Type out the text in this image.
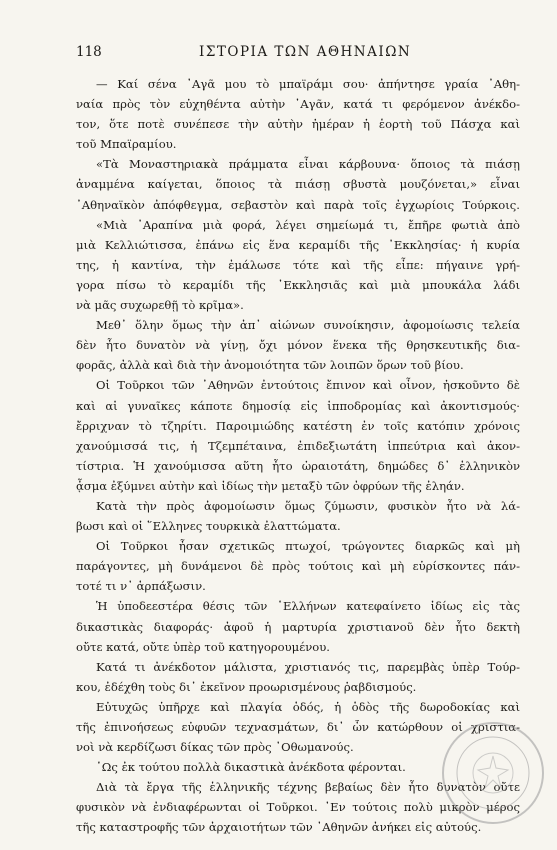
118	ΙΣΤΟΡΙΑ ΤΩΝ ΑΘΗΝΑΙΩΝ
— Καί σένα ᾿Αγᾶ μου τὸ μπαϊράμι σου· ἀπήντησε γραία ᾿Αθη-
ναία πρὸς τὸν εὐχηθέντα αὐτὴν ᾿Αγᾶν, κατά τι φερόμενον ἀνέκδο-
τον, ὅτε ποτὲ συνέπεσε τὴν αὐτὴν ἡμέραν ἡ ἑορτὴ τοῦ Πάσχα καὶ
τοῦ Μπαϊραμίου.
«Τὰ Μοναστηριακὰ πράμματα εἶναι κάρβουνα· ὅποιος τὰ πιάσῃ
ἀναμμένα καίγεται, ὅποιος τὰ πιάσῃ σβυστὰ μουζόνεται,» εἶναι
᾿Αθηναϊκὸν ἀπόφθεγμα, σεβαστὸν καὶ παρὰ τοῖς ἐγχωρίοις Τούρκοις.
«Μιὰ ᾿Αραπίνα μιὰ φορά, λέγει σημείωμά τι, ἔπῆρε φωτιὰ ἀπὸ
μιὰ Κελλιώτισσα, ἐπάνω εἰς ἕνα κεραμίδι τῆς ᾿Εκκλησίας· ἡ κυρία
της, ἡ καντίνα, τὴν ἐμάλωσε τότε καὶ τῆς εἶπε: πήγαινε γρή-
γορα πίσω τὸ κεραμίδι τῆς ᾿Εκκλησιᾶς καὶ μιὰ μπουκάλα λάδι
νὰ μᾶς συχωρεθῇ τὸ κρῖμα».
Μεθ᾿ ὅλην ὅμως τὴν ἀπ᾿ αἰώνων συνοίκησιν, ἀφομοίωσις τελεία
δὲν ἦτο δυνατὸν νὰ γίνῃ, ὄχι μόνον ἕνεκα τῆς θρησκευτικῆς δια-
φορᾶς, ἀλλὰ καὶ διὰ τὴν ἀνομοιότητα τῶν λοιπῶν ὅρων τοῦ βίου.
Οἱ Τοῦρκοι τῶν ᾿Αθηνῶν ἐντούτοις ἔπινον καὶ οἶνον, ἠσκοῦντο δὲ
καὶ αἱ γυναῖκες κάποτε δημοσίᾳ εἰς ἱπποδρομίας καὶ ἀκοντισμούς·
ἔρριχναν τὸ τζηρίτι. Παροιμιώδης κατέστη ἐν τοῖς κατόπιν χρόνοις
χανούμισσά τις, ἡ Τζεμπέταινα, ἐπιδεξιωτάτη ἱππεύτρια καὶ ἀκον-
τίστρια. Ἡ χανούμισσα αὕτη ἦτο ὡραιοτάτη, δημώδες δ᾿ ἑλληνικὸν
ᾆσμα ἐξύμνει αὐτὴν καὶ ἰδίως τὴν μεταξὺ τῶν ὀφρύων τῆς ἐληάν.
Κατὰ τὴν πρὸς ἀφομοίωσιν ὅμως ζύμωσιν, φυσικὸν ἦτο νὰ λά-
βωσι καὶ οἱ ῞Ελληνες τουρκικὰ ἐλαττώματα.
Οἱ Τοῦρκοι ἦσαν σχετικῶς πτωχοί, τρώγοντες διαρκῶς καὶ μὴ
παράγοντες, μὴ δυνάμενοι δὲ πρὸς τούτοις καὶ μὴ εὑρίσκοντες πάν-
τοτέ τι ν᾿ ἁρπάξωσιν.
Ἡ ὑποδεεστέρα θέσις τῶν ῾Ελλήνων κατεφαίνετο ἰδίως εἰς τὰς
δικαστικὰς διαφοράς· ἀφοῦ ἡ μαρτυρία χριστιανοῦ δὲν ἦτο δεκτὴ
οὔτε κατά, οὔτε ὑπὲρ τοῦ κατηγορουμένου.
Κατά τι ἀνέκδοτον μάλιστα, χριστιανός τις, παρεμβὰς ὑπὲρ Τούρ-
κου, ἐδέχθη τοὺς δι᾿ ἐκεῖνον προωρισμένους ῥαβδισμούς.
Εὐτυχῶς ὑπῆρχε καὶ πλαγία ὁδός, ἡ ὁδὸς τῆς δωροδοκίας καὶ
τῆς ἐπινοήσεως εὐφυῶν τεχνασμάτων, δι᾿ ὧν κατώρθουν οἱ χριστια-
νοὶ νὰ κερδίζωσι δίκας τῶν πρὸς ᾿Οθωμανούς.
῾Ως ἐκ τούτου πολλὰ δικαστικὰ ἀνέκδοτα φέρονται.
Διὰ τὰ ἔργα τῆς ἑλληνικῆς τέχνης βεβαίως δὲν ἦτο δυνατὸν οὔτε
φυσικὸν νὰ ἐνδιαφέρωνται οἱ Τοῦρκοι. ᾿Εν τούτοις πολὺ μικρὸν μέρος
τῆς καταστροφῆς τῶν ἀρχαιοτήτων τῶν ᾿Αθηνῶν ἀνήκει εἰς αὐτούς.
